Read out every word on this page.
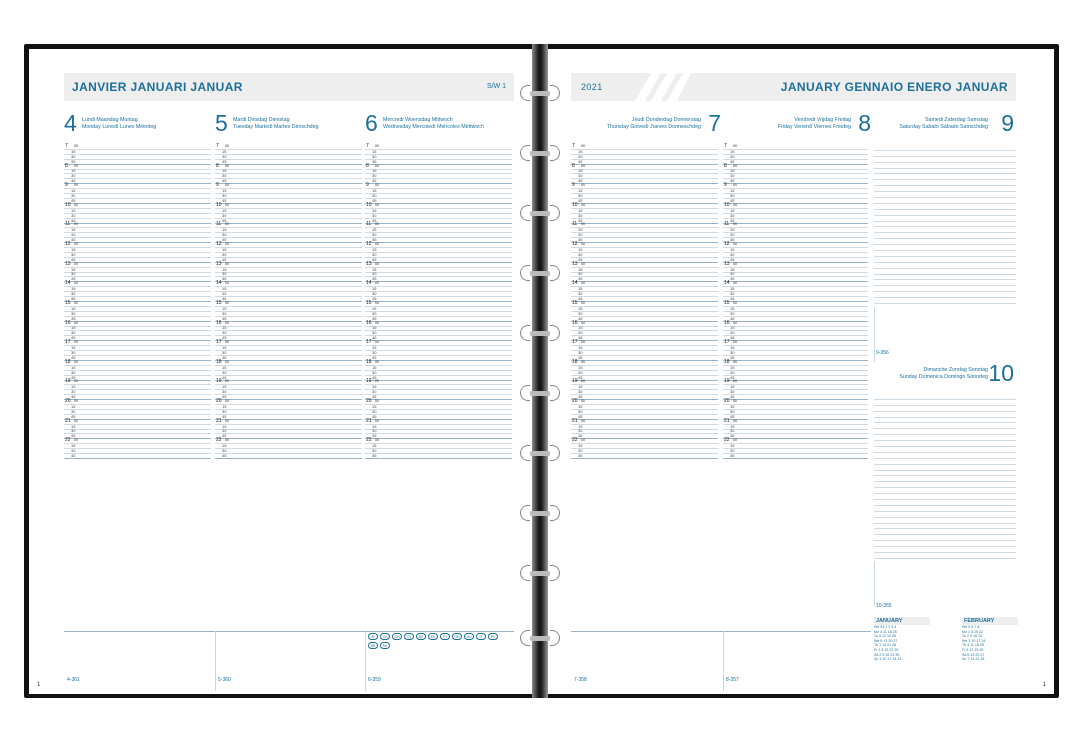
JANVIER JANUARI JANUAR	S/W 1
4 Lundi Maandag Montag
Monday Lunedì Lunes Méindeg	5 Mardi Dinsdag Dienstag
Tuesday Martedì Martes Dënschdeg 6 Mercredi Woensdag Mittwoch
Wednesday Mercoledì Miércoles Mëttwoch
7 00
15
30
45
8 00
15
30
45
9 00
15
30
45
10 00
15
30
45
11 00
15
30
45
12 00
15
30
45
13 00
15
30
45
14 00
15
30
45
15 00
15
30
45
16 00
15
30
45
17 00
15
30
45
18 00
15
30
45
19 00
15
30
45
20 00
15
30
45
21 00
15
30
45
22 00
15
30
45
7 00
15
30
45
8 00
15
30
45
9 00
15
30
45
10 00
15
30
45
11 00
15
30
45
12 00
15
30
45
13 00
15
30
45
14 00
15
30
45
15 00
15
30
45
16 00
15
30
45
17 00
15
30
45
18 00
15
30
45
19 00
15
30
45
20 00
15
30
45
21 00
15
30
45
22 00
15
30
45
7 00
15
30
45
8 00
15
30
45
9 00
15
30
45
10 00
15
30
45
11 00
15
30
45
12 00
15
30
45
13 00
15
30
45
14 00
15
30
45
15 00
15
30
45
16 00
15
30
45
17 00
15
30
45
18 00
15
30
45
19 00
15
30
45
20 00
15
30
45
21 00
15
30
45
22 00
15
30
45
4-361	5-360	6-359
B	CA	CH	CY	DE	ES	FI	GR	HU	IT	PL
SE	SK
1
2021	JANUARY GENNAIO ENERO JANUAR
7
Jeudi Donderdag Donnerstag
Thursday Giovedì Jueves Donneschdeg	8
Vendredi Vrijdag Freitag
Friday Venerdì Viernes Freideg
7 00
15
30
45
8 00
15
30
45
9 00
15
30
45
10 00
15
30
45
11 00
15
30
45
12 00
15
30
45
13 00
15
30
45
14 00
15
30
45
15 00
15
30
45
16 00
15
30
45
17 00
15
30
45
18 00
15
30
45
19 00
15
30
45
20 00
15
30
45
21 00
15
30
45
22 00
15
30
45
7 00
15
30
45
8 00
15
30
45
9 00
15
30
45
10 00
15
30
45
11 00
15
30
45
12 00
15
30
45
13 00
15
30
45
14 00
15
30
45
15 00
15
30
45
16 00
15
30
45
17 00
15
30
45
18 00
15
30
45
19 00
15
30
45
20 00
15
30
45
21 00
15
30
45
22 00
15
30
45
7-358	8-357
Samedi Zaterdag Samstag
Saturday Sabato Sábado Samschdeg 9
9-356
Dimanche Zondag Sonntag
Sunday Domenica Domingo Sonndeg 10
10-355
JANUARY
We 53 1 2 3 4
Mo 4 11 18 25
Tu 5 12 19 26
We 6 13 20 27
Th 7 14 21 28
Fr 1 8 15 22 29
Sa 2 9 16 23 30
Su 3 10 17 24 31
FEBRUARY
We 5 6 7 8
Mo 1 8 15 22
Tu 2 9 16 23
We 3 10 17 24
Th 4 11 18 25
Fr 5 12 19 26
Sa 6 13 20 27
Su 7 14 21 28
1
